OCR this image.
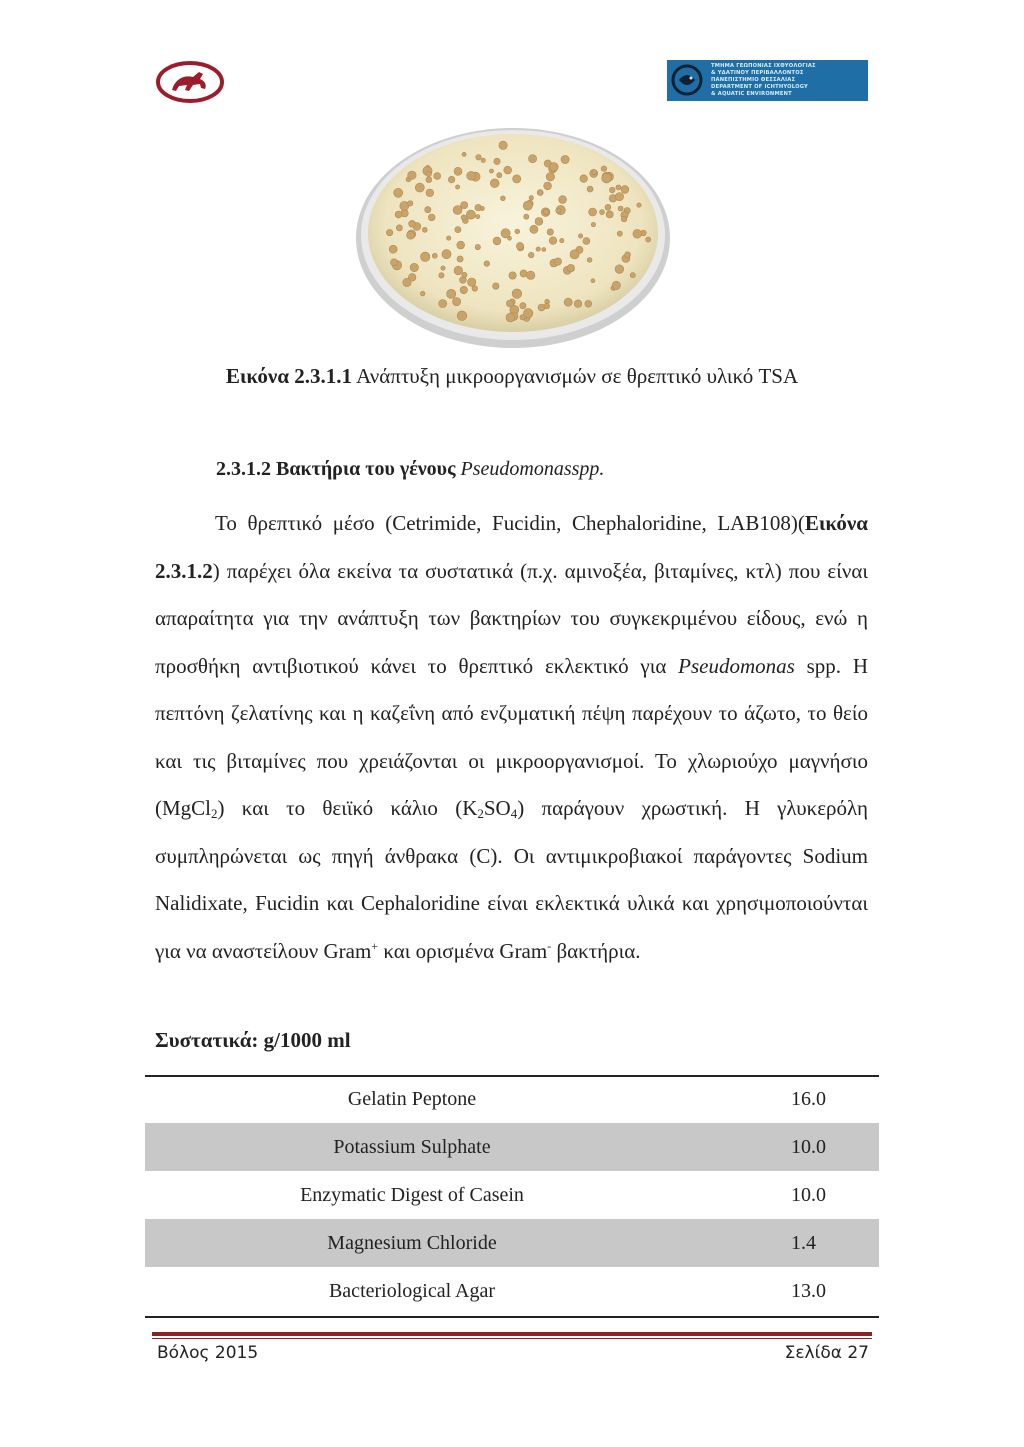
ΤΜΗΜΑ ΓΕΩΠΟΝΙΑΣ ΙΧΘΥΟΛΟΓΙΑΣ
& ΥΔΑΤΙΝΟΥ ΠΕΡΙΒΑΛΛΟΝΤΟΣ
ΠΑΝΕΠΙΣΤΗΜΙΟ ΘΕΣΣΑΛΙΑΣ
DEPARTMENT OF ICHTHYOLOGY
& AQUATIC ENVIRONMENT
Εικόνα 2.3.1.1 Ανάπτυξη μικροοργανισμών σε θρεπτικό υλικό TSA
2.3.1.2 Βακτήρια του γένους Pseudomonasspp.
Το θρεπτικό μέσο (Cetrimide, Fucidin, Chephaloridine, LAB108)(Εικόνα 2.3.1.2) παρέχει όλα εκείνα τα συστατικά (π.χ. αμινοξέα, βιταμίνες, κτλ) που είναι απαραίτητα για την ανάπτυξη των βακτηρίων του συγκεκριμένου είδους, ενώ η προσθήκη αντιβιοτικού κάνει το θρεπτικό εκλεκτικό για Pseudomonas spp. Η πεπτόνη ζελατίνης και η καζεΐνη από ενζυματική πέψη παρέχουν το άζωτο, το θείο και τις βιταμίνες που χρειάζονται οι μικροοργανισμοί. Το χλωριούχο μαγνήσιο (MgCl$_2$) και το θειϊκό κάλιο $(K_2SO_4)$ παράγουν χρωστική. Η γλυκερόλη συμπληρώνεται ως πηγή άνθρακα (C). Οι αντιμικροβιακοί παράγοντες Sodium Nalidixate, Fucidin και Cephaloridine είναι εκλεκτικά υλικά και χρησιμοποιούνται για να αναστείλουν Gram+ και ορισμένα Gram- βακτήρια.
Συστατικά: g/1000 ml
Gelatin Peptone	16.0
Potassium Sulphate	10.0
Enzymatic Digest of Casein	10.0
Magnesium Chloride	1.4
Bacteriological Agar	13.0
Βόλος 2015	Σελίδα 27
